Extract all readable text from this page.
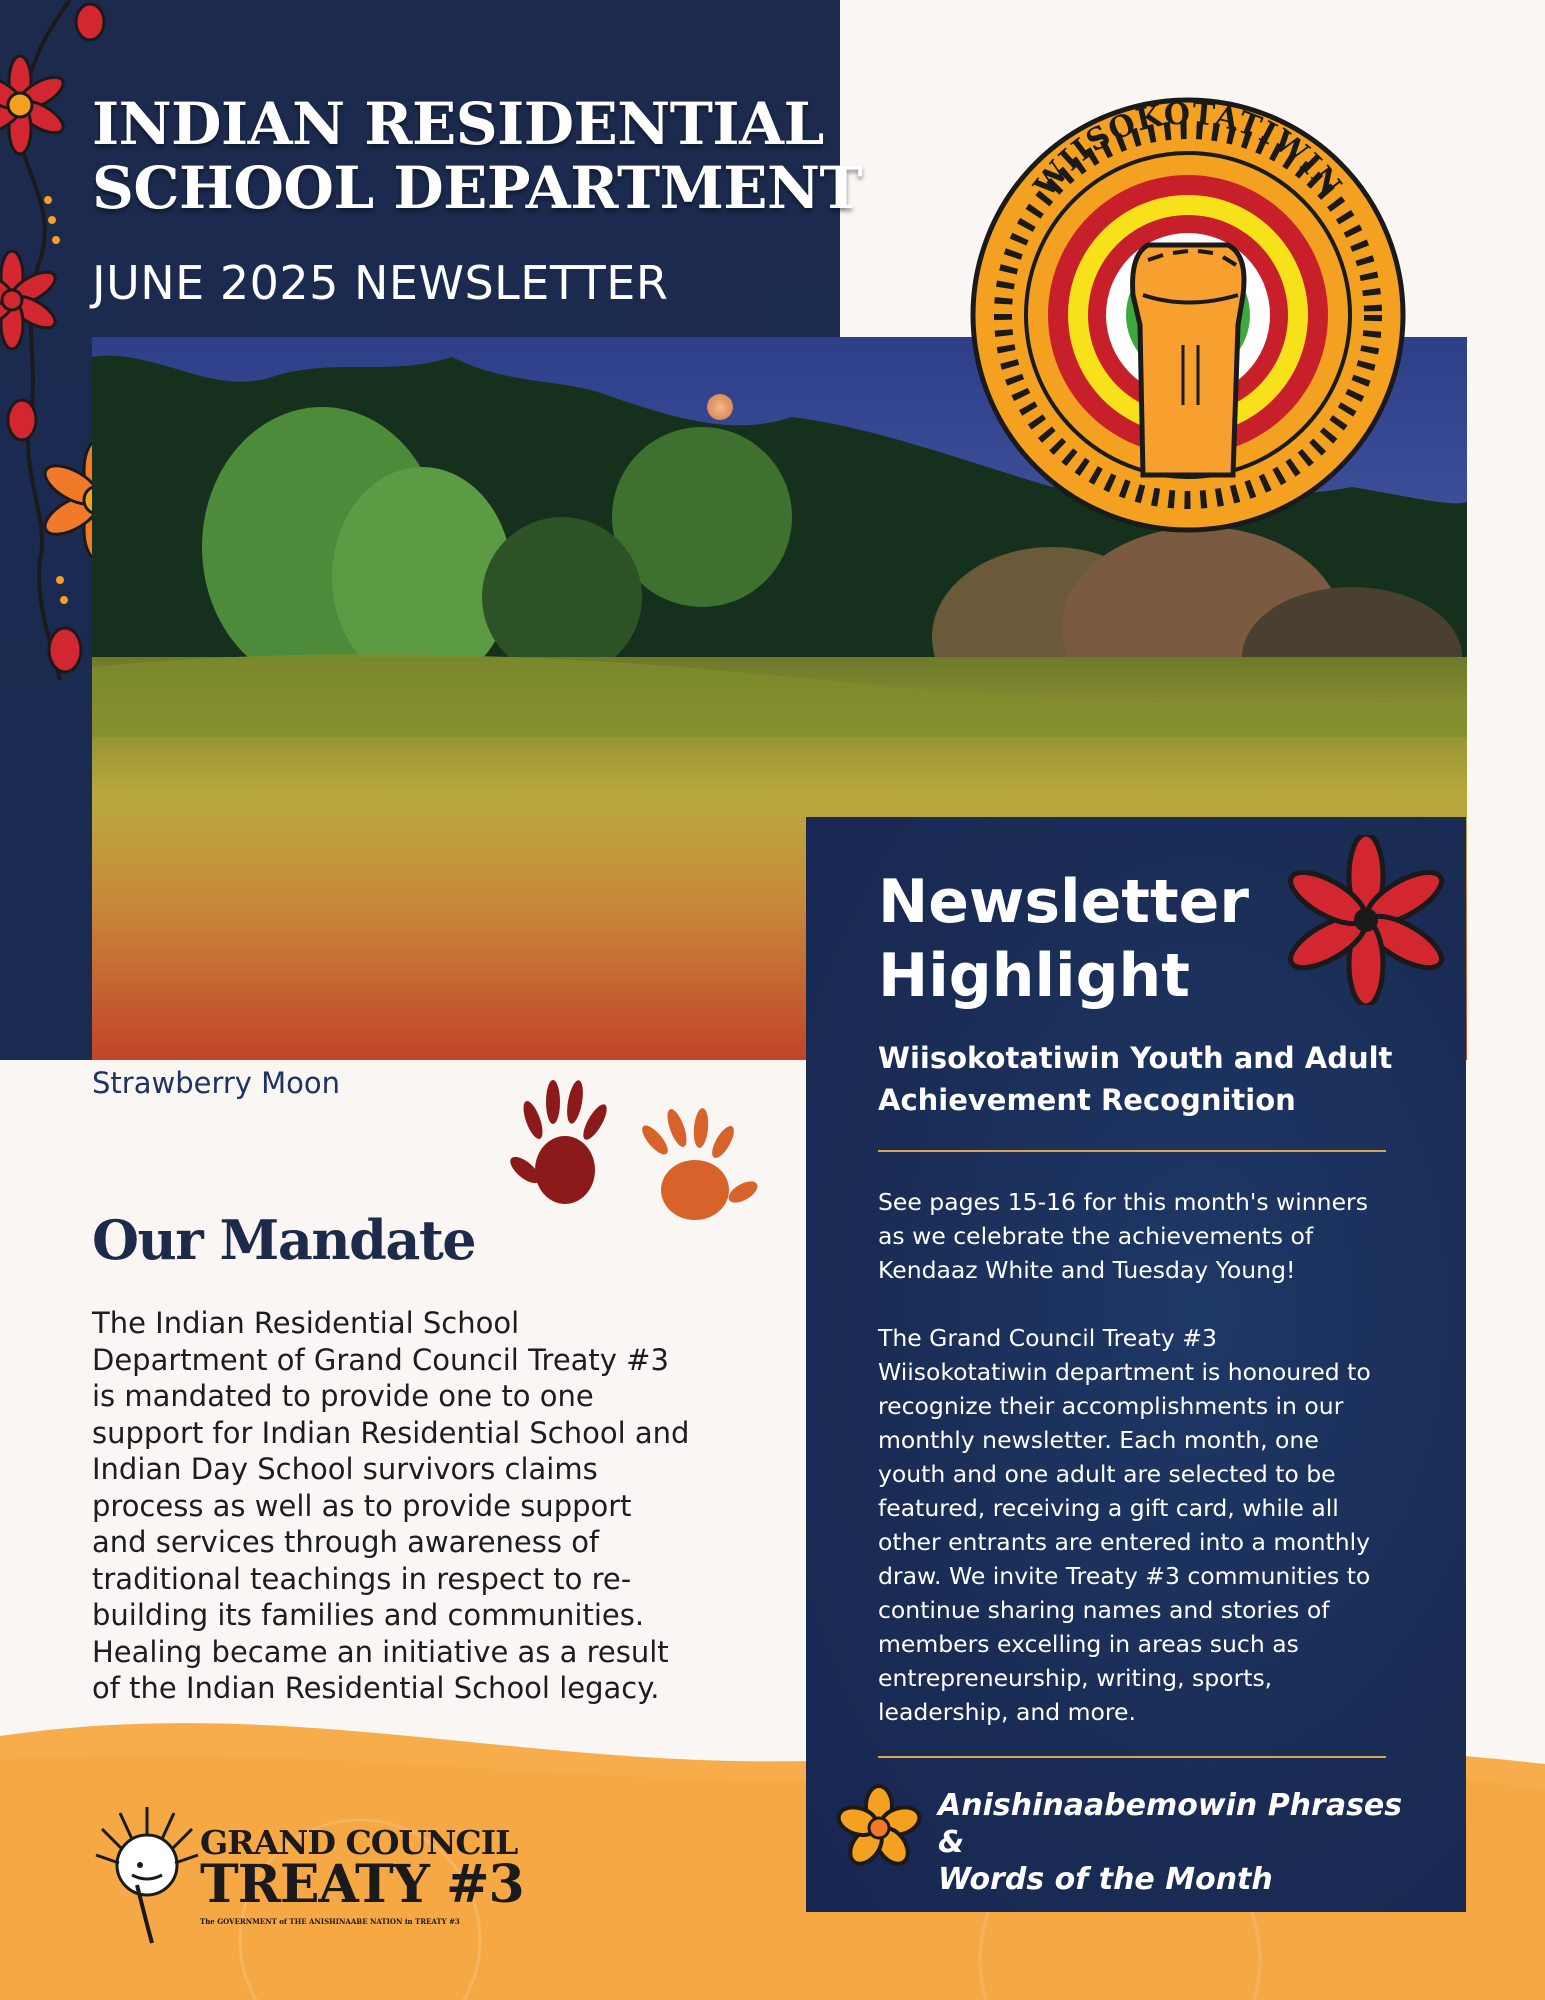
INDIAN RESIDENTIAL
SCHOOL DEPARTMENT
JUNE 2025 NEWSLETTER
Strawberry Moon
Our Mandate
The Indian Residential School Department of Grand Council Treaty #3 is mandated to provide one to one support for Indian Residential School and Indian Day School survivors claims process as well as to provide support and services through awareness of traditional teachings in respect to re-building its families and communities. Healing became an initiative as a result of the Indian Residential School legacy.
GRAND COUNCIL
TREATY #3
The GOVERNMENT of THE ANISHINAABE NATION in TREATY #3
Newsletter
Highlight
Wiisokotatiwin Youth and Adult Achievement Recognition

See pages 15-16 for this month's winners as we celebrate the achievements of Kendaaz White and Tuesday Young!

The Grand Council Treaty #3 Wiisokotatiwin department is honoured to recognize their accomplishments in our monthly newsletter. Each month, one youth and one adult are selected to be featured, receiving a gift card, while all other entrants are entered into a monthly draw. We invite Treaty #3 communities to continue sharing names and stories of members excelling in areas such as entrepreneurship, writing, sports, leadership, and more.

Anishinaabemowin Phrases &
Words of the Month
WIISOKOTATIWIN
